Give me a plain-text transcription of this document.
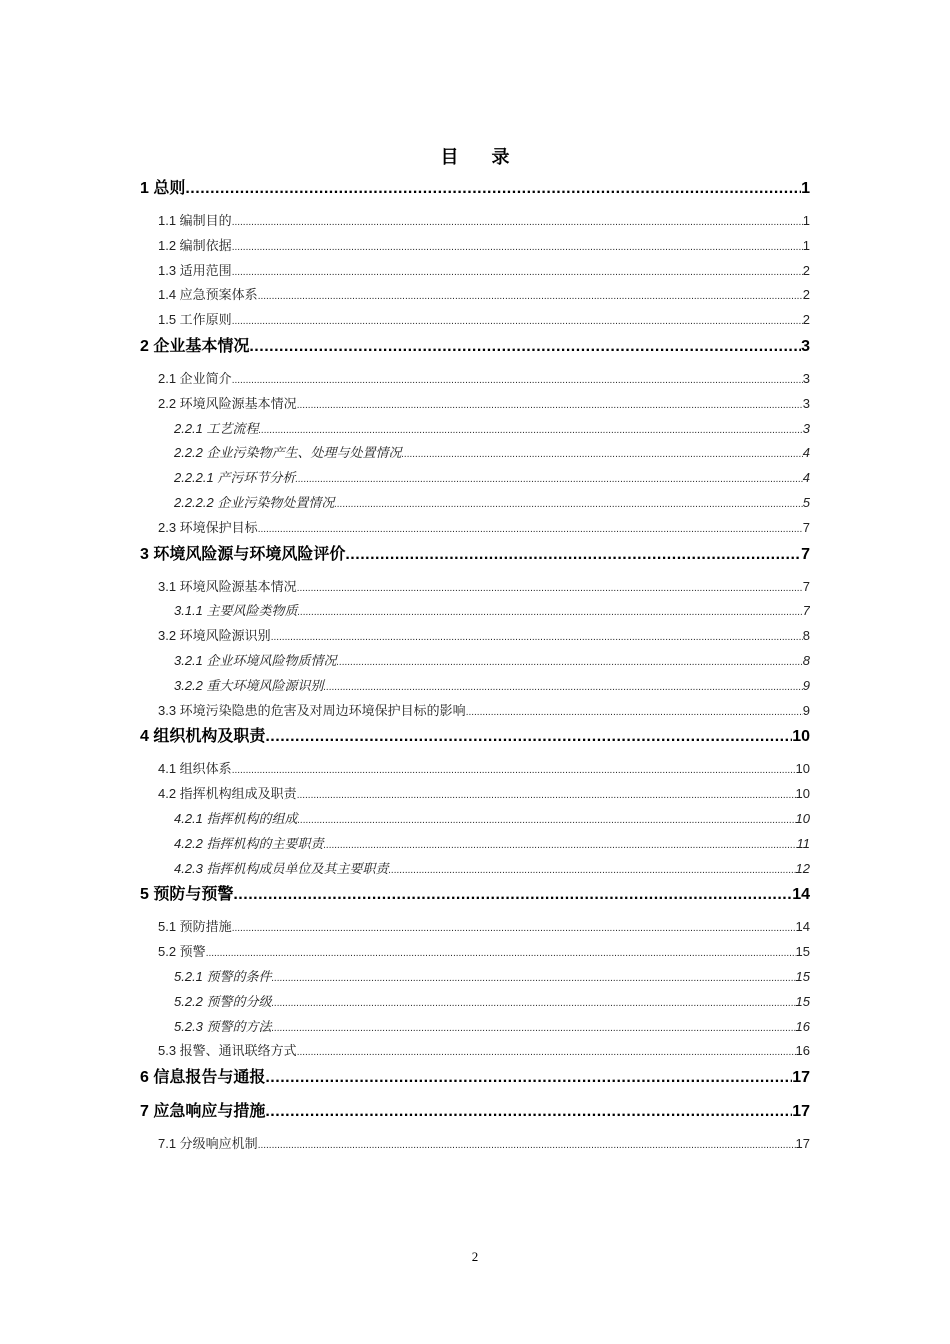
目 录
1 总则 .....	1
1.1 编制目的 .....	1
1.2 编制依据 .....	1
1.3 适用范围 .....	2
1.4 应急预案体系 .....	2
1.5 工作原则 .....	2
2 企业基本情况 .....	3
2.1 企业简介 .....	3
2.2 环境风险源基本情况 .....	3
2.2.1 工艺流程 .....	3
2.2.2 企业污染物产生、处理与处置情况 .....	4
2.2.2.1 产污环节分析 .....	4
2.2.2.2 企业污染物处置情况 .....	5
2.3 环境保护目标 .....	7
3 环境风险源与环境风险评价 .....	7
3.1 环境风险源基本情况 .....	7
3.1.1 主要风险类物质 .....	7
3.2 环境风险源识别 .....	8
3.2.1 企业环境风险物质情况 .....	8
3.2.2 重大环境风险源识别 .....	9
3.3 环境污染隐患的危害及对周边环境保护目标的影响 .....	9
4 组织机构及职责 .....	10
4.1 组织体系 .....	10
4.2 指挥机构组成及职责 .....	10
4.2.1 指挥机构的组成 .....	10
4.2.2 指挥机构的主要职责 .....	11
4.2.3 指挥机构成员单位及其主要职责 .....	12
5 预防与预警 .....	14
5.1 预防措施 .....	14
5.2 预警 .....	15
5.2.1 预警的条件 .....	15
5.2.2 预警的分级 .....	15
5.2.3 预警的方法 .....	16
5.3 报警、通讯联络方式 .....	16
6 信息报告与通报 .....	17
7 应急响应与措施 .....	17
7.1 分级响应机制 .....	17
2
